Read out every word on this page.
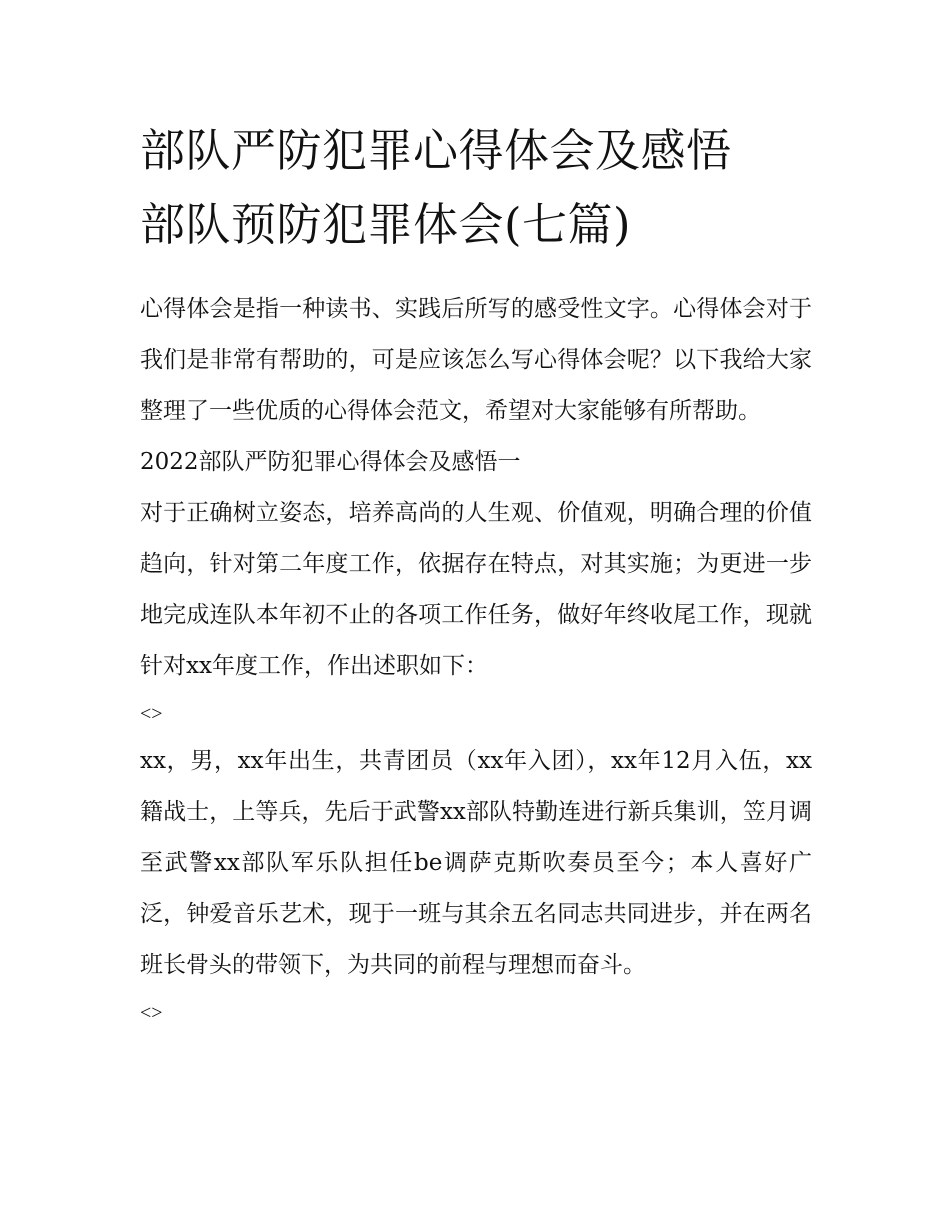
部队严防犯罪心得体会及感悟
部队预防犯罪体会(七篇)

心得体会是指一种读书、实践后所写的感受性文字。心得体会对于我们是非常有帮助的，可是应该怎么写心得体会呢？以下我给大家整理了一些优质的心得体会范文，希望对大家能够有所帮助。

2022部队严防犯罪心得体会及感悟一

对于正确树立姿态，培养高尚的人生观、价值观，明确合理的价值趋向，针对第二年度工作，依据存在特点，对其实施；为更进一步地完成连队本年初不止的各项工作任务，做好年终收尾工作，现就针对xx年度工作，作出述职如下：

<>

xx，男，xx年出生，共青团员（xx年入团），xx年12月入伍，xx籍战士，上等兵，先后于武警xx部队特勤连进行新兵集训，笠月调至武警xx部队军乐队担任be调萨克斯吹奏员至今；本人喜好广泛，钟爱音乐艺术，现于一班与其余五名同志共同进步，并在两名班长骨头的带领下，为共同的前程与理想而奋斗。

<>
